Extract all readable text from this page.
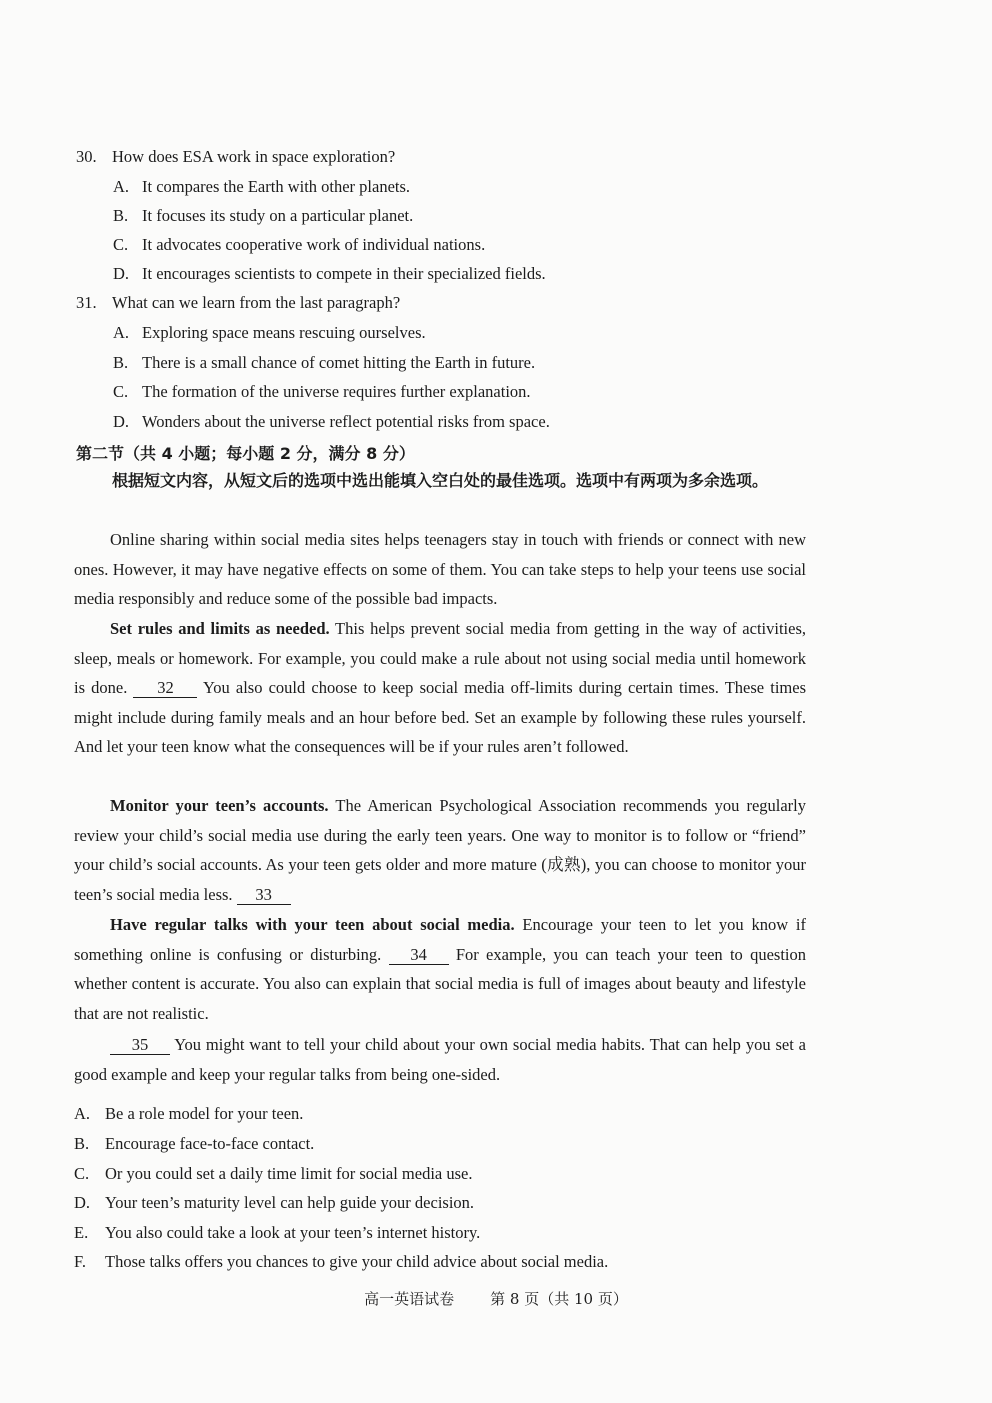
30. How does ESA work in space exploration?
A. It compares the Earth with other planets.
B. It focuses its study on a particular planet.
C. It advocates cooperative work of individual nations.
D. It encourages scientists to compete in their specialized fields.
31. What can we learn from the last paragraph?
A. Exploring space means rescuing ourselves.
B. There is a small chance of comet hitting the Earth in future.
C. The formation of the universe requires further explanation.
D. Wonders about the universe reflect potential risks from space.
第二节（共 4 小题；每小题 2 分，满分 8 分）
根据短文内容，从短文后的选项中选出能填入空白处的最佳选项。选项中有两项为多余选项。
Online sharing within social media sites helps teenagers stay in touch with friends or connect with new ones. However, it may have negative effects on some of them. You can take steps to help your teens use social media responsibly and reduce some of the possible bad impacts.
Set rules and limits as needed. This helps prevent social media from getting in the way of activities, sleep, meals or homework. For example, you could make a rule about not using social media until homework is done. 32 You also could choose to keep social media off-limits during certain times. These times might include during family meals and an hour before bed. Set an example by following these rules yourself. And let your teen know what the consequences will be if your rules aren’t followed.
Monitor your teen’s accounts. The American Psychological Association recommends you regularly review your child’s social media use during the early teen years. One way to monitor is to follow or “friend” your child’s social accounts. As your teen gets older and more mature (成熟), you can choose to monitor your teen’s social media less. 33
Have regular talks with your teen about social media. Encourage your teen to let you know if something online is confusing or disturbing. 34 For example, you can teach your teen to question whether content is accurate. You also can explain that social media is full of images about beauty and lifestyle that are not realistic.
35 You might want to tell your child about your own social media habits. That can help you set a good example and keep your regular talks from being one-sided.
A. Be a role model for your teen.
B. Encourage face-to-face contact.
C. Or you could set a daily time limit for social media use.
D. Your teen’s maturity level can help guide your decision.
E. You also could take a look at your teen’s internet history.
F. Those talks offers you chances to give your child advice about social media.
高一英语试卷 第 8 页（共 10 页）
